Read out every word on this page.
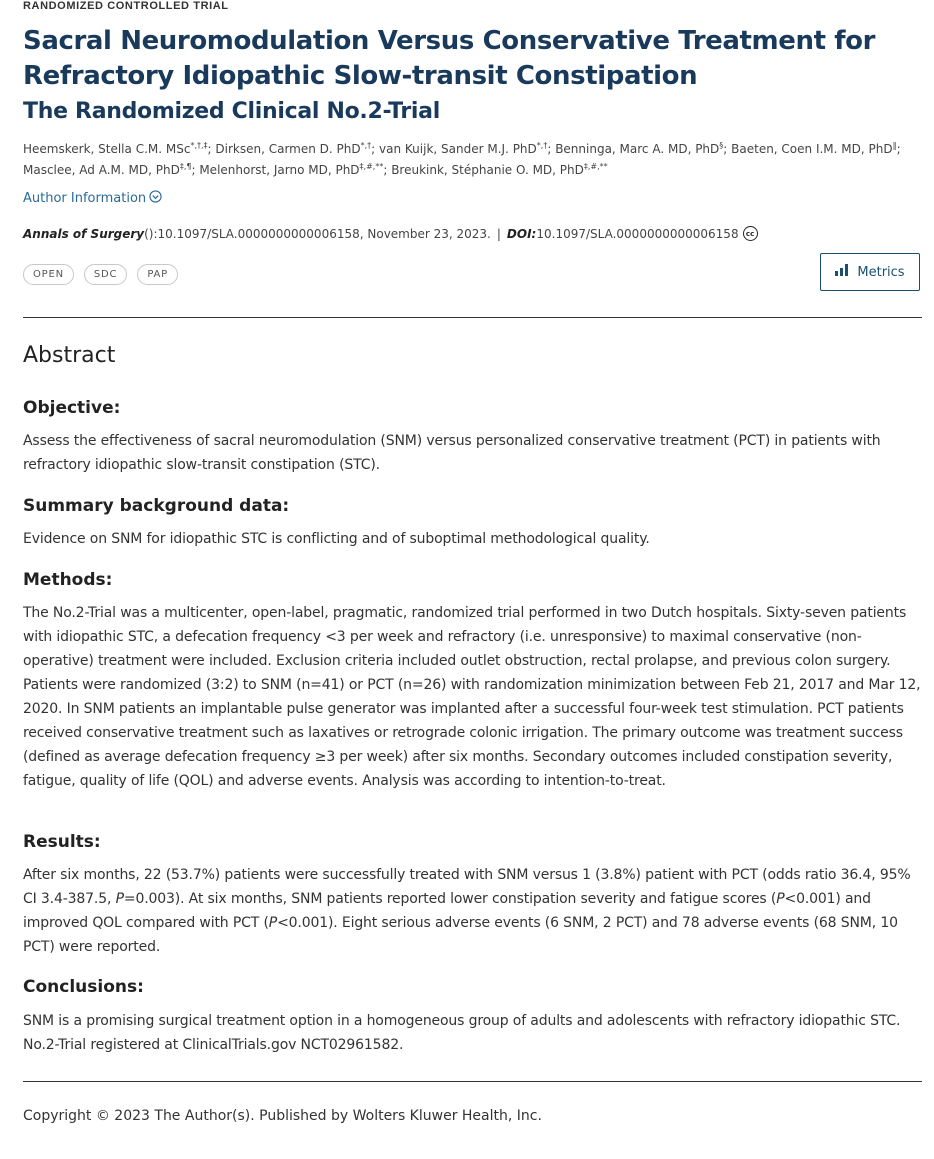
RANDOMIZED CONTROLLED TRIAL
Sacral Neuromodulation Versus Conservative Treatment for Refractory Idiopathic Slow-transit Constipation
The Randomized Clinical No.2-Trial
Heemskerk, Stella C.M. MSc*,†,‡; Dirksen, Carmen D. PhD*,†; van Kuijk, Sander M.J. PhD*,†; Benninga, Marc A. MD, PhD§; Baeten, Coen I.M. MD, PhD‖;
Masclee, Ad A.M. MD, PhD‡,¶; Melenhorst, Jarno MD, PhD‡,#,**; Breukink, Stéphanie O. MD, PhD‡,#,**
Author Information
Annals of Surgery ():10.1097/SLA.0000000000006158, November 23, 2023. | DOI: 10.1097/SLA.0000000000006158	cc
OPEN	SDC	PAP	Metrics
Abstract
Objective:

Assess the effectiveness of sacral neuromodulation (SNM) versus personalized conservative treatment (PCT) in patients with refractory idiopathic slow-transit constipation (STC).

Summary background data:

Evidence on SNM for idiopathic STC is conflicting and of suboptimal methodological quality.

Methods:

The No.2-Trial was a multicenter, open-label, pragmatic, randomized trial performed in two Dutch hospitals. Sixty-seven patients with idiopathic STC, a defecation frequency <3 per week and refractory (i.e. unresponsive) to maximal conservative (non-operative) treatment were included. Exclusion criteria included outlet obstruction, rectal prolapse, and previous colon surgery. Patients were randomized (3:2) to SNM (n=41) or PCT (n=26) with randomization minimization between Feb 21, 2017 and Mar 12, 2020. In SNM patients an implantable pulse generator was implanted after a successful four-week test stimulation. PCT patients received conservative treatment such as laxatives or retrograde colonic irrigation. The primary outcome was treatment success (defined as average defecation frequency ≥3 per week) after six months. Secondary outcomes included constipation severity, fatigue, quality of life (QOL) and adverse events. Analysis was according to intention-to-treat.

Results:

After six months, 22 (53.7%) patients were successfully treated with SNM versus 1 (3.8%) patient with PCT (odds ratio 36.4, 95% CI 3.4-387.5, P=0.003). At six months, SNM patients reported lower constipation severity and fatigue scores (P<0.001) and improved QOL compared with PCT (P<0.001). Eight serious adverse events (6 SNM, 2 PCT) and 78 adverse events (68 SNM, 10 PCT) were reported.

Conclusions:

SNM is a promising surgical treatment option in a homogeneous group of adults and adolescents with refractory idiopathic STC. No.2-Trial registered at ClinicalTrials.gov NCT02961582.

Copyright © 2023 The Author(s). Published by Wolters Kluwer Health, Inc.
